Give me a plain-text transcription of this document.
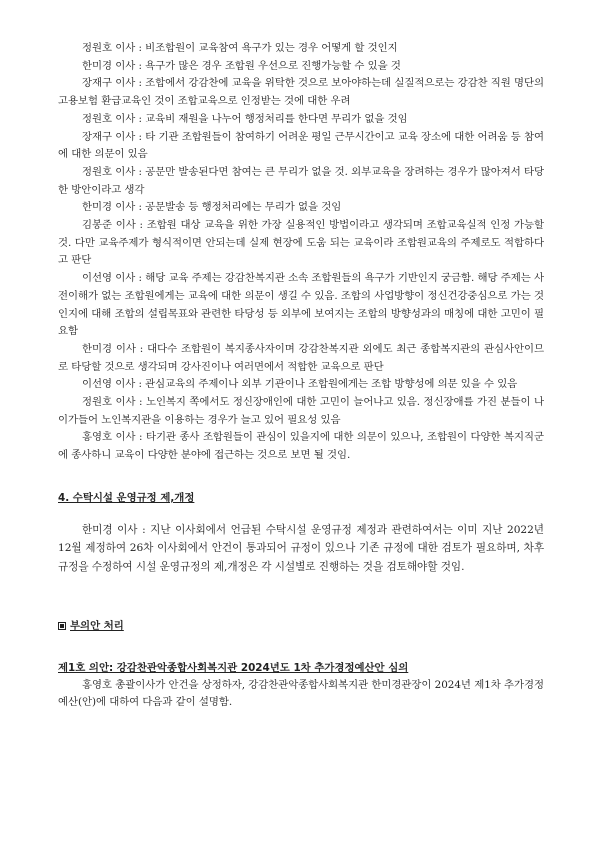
정원호 이사 : 비조합원이 교육참여 욕구가 있는 경우 어떻게 할 것인지

한미경 이사 : 욕구가 많은 경우 조합원 우선으로 진행가능할 수 있을 것

장재구 이사 : 조합에서 강감찬에 교육을 위탁한 것으로 보아야하는데 실질적으로는 강감찬 직원 명단의 고용보험 환급교육인 것이 조합교육으로 인정받는 것에 대한 우려

정원호 이사 : 교육비 재원을 나누어 행정처리를 한다면 무리가 없을 것임

장재구 이사 : 타 기관 조합원들이 참여하기 어려운 평일 근무시간이고 교육 장소에 대한 어려움 등 참여에 대한 의문이 있음

정원호 이사 : 공문만 발송된다면 참여는 큰 무리가 없을 것. 외부교육을 장려하는 경우가 많아져서 타당한 방안이라고 생각

한미경 이사 : 공문발송 등 행정처리에는 무리가 없을 것임

김봉준 이사 : 조합원 대상 교육을 위한 가장 실용적인 방법이라고 생각되며 조합교육실적 인정 가능할 것. 다만 교육주제가 형식적이면 안되는데 실제 현장에 도움 되는 교육이라 조합원교육의 주제로도 적합하다고 판단

이선영 이사 : 해당 교육 주제는 강감찬복지관 소속 조합원들의 욕구가 기반인지 궁금함. 해당 주제는 사전이해가 없는 조합원에게는 교육에 대한 의문이 생길 수 있음. 조합의 사업방향이 정신건강중심으로 가는 것인지에 대해 조합의 설립목표와 관련한 타당성 등 외부에 보여지는 조합의 방향성과의 매칭에 대한 고민이 필요함

한미경 이사 : 대다수 조합원이 복지종사자이며 강감찬복지관 외에도 최근 종합복지관의 관심사안이므로 타당할 것으로 생각되며 강사진이나 여러면에서 적합한 교육으로 판단

이선영 이사 : 관심교육의 주제이나 외부 기관이나 조합원에게는 조합 방향성에 의문 있을 수 있음

정원호 이사 : 노인복지 쪽에서도 정신장애인에 대한 고민이 늘어나고 있음. 정신장애를 가진 분들이 나이가들어 노인복지관을 이용하는 경우가 늘고 있어 필요성 있음

홍영호 이사 : 타기관 종사 조합원들이 관심이 있을지에 대한 의문이 있으나, 조합원이 다양한 복지직군에 종사하니 교육이 다양한 분야에 접근하는 것으로 보면 될 것임.

4. 수탁시설 운영규정 제,개정

한미경 이사 : 지난 이사회에서 언급된 수탁시설 운영규정 제정과 관련하여서는 이미 지난 2022년 12월 제정하여 26차 이사회에서 안건이 통과되어 규정이 있으나 기존 규정에 대한 검토가 필요하며, 차후 규정을 수정하여 시설 운영규정의 제,개정은 각 시설별로 진행하는 것을 검토해야할 것임.

부의안 처리

제1호 의안: 강감찬관악종합사회복지관 2024년도 1차 추가경정예산안 심의

홍영호 총괄이사가 안건을 상정하자, 강감찬관악종합사회복지관 한미경관장이 2024년 제1차 추가경정예산(안)에 대하여 다음과 같이 설명함.
